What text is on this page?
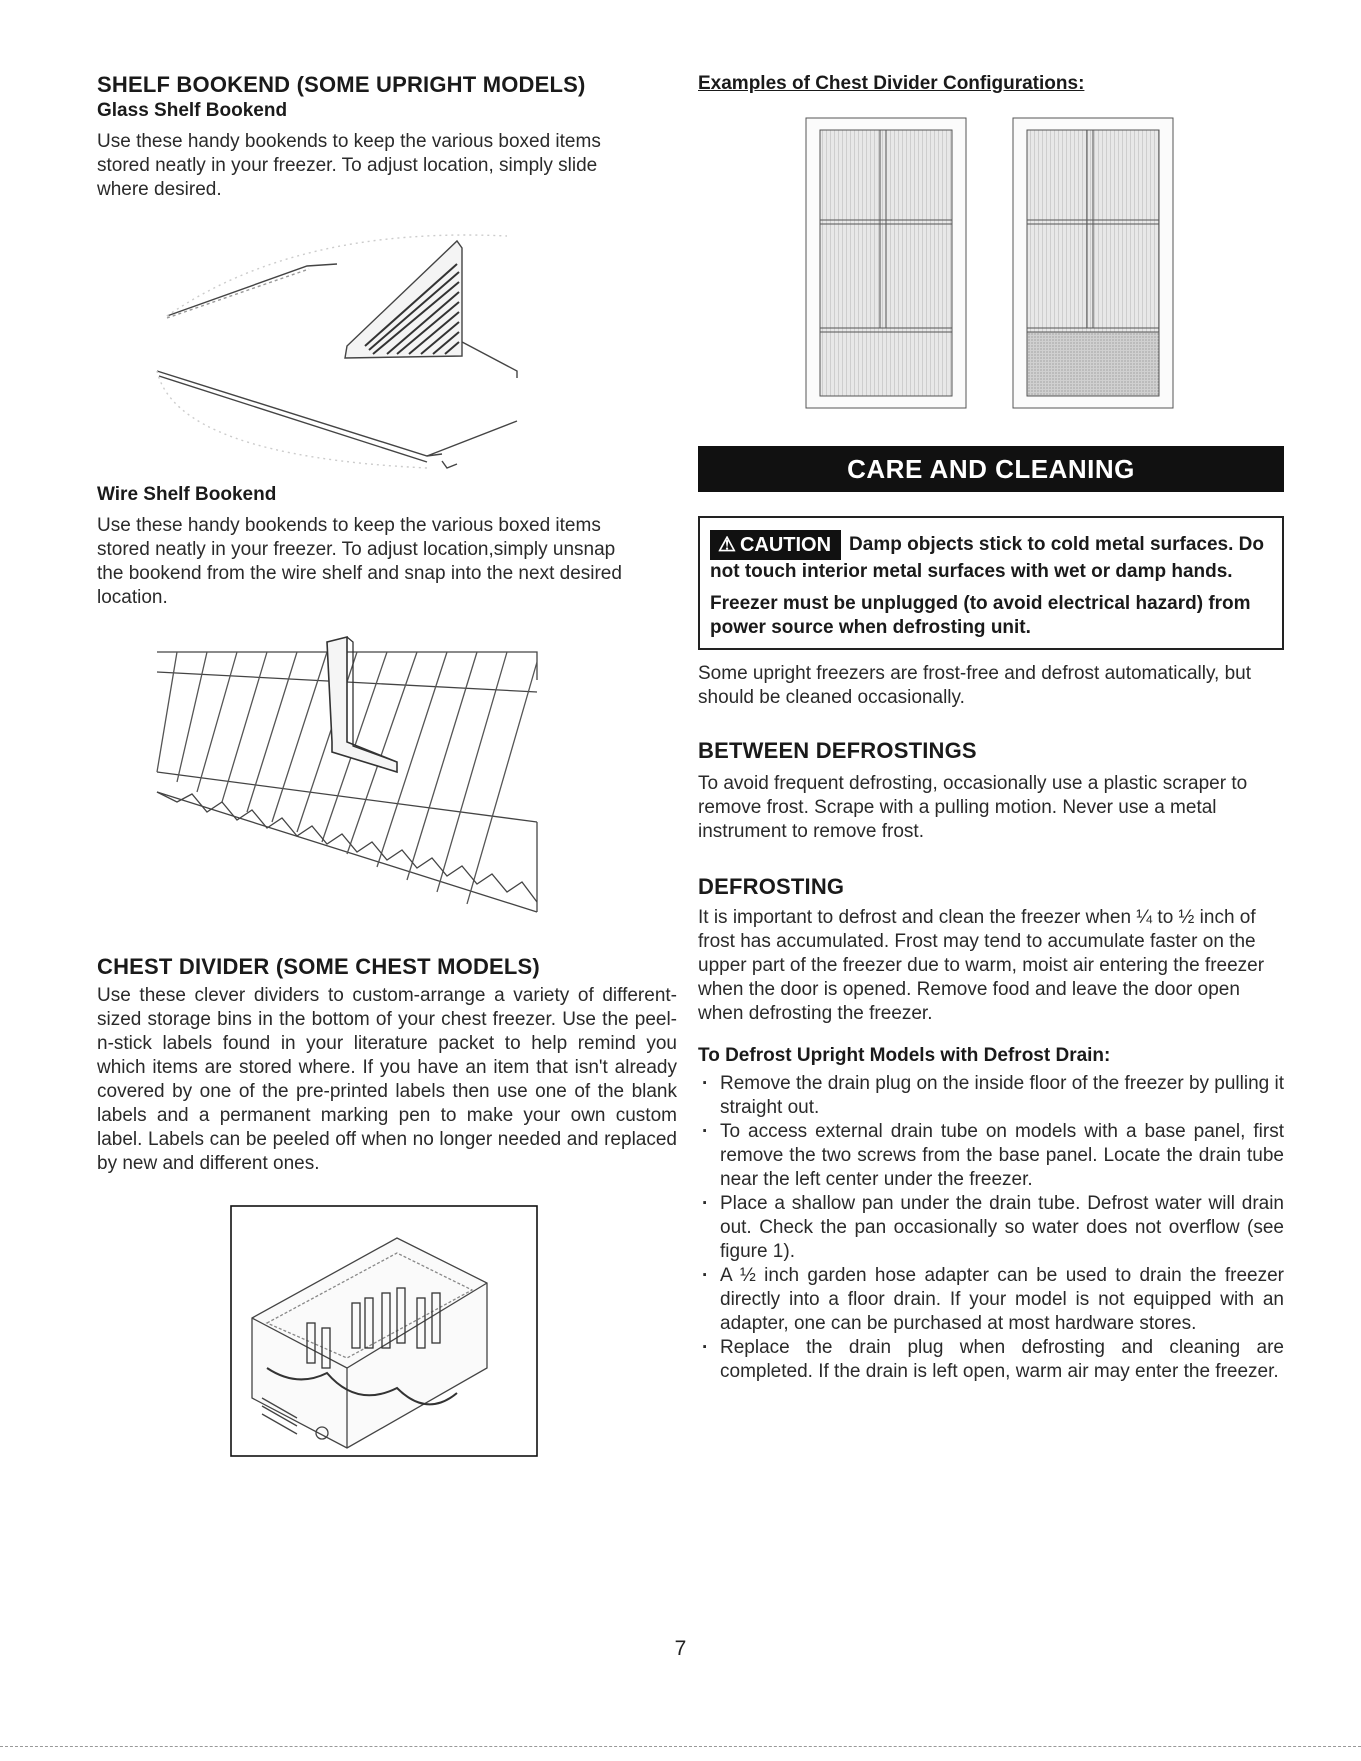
SHELF BOOKEND (SOME UPRIGHT MODELS)
Glass Shelf Bookend

Use these handy bookends to keep the various boxed items stored neatly in your freezer. To adjust location, simply slide where desired.

Wire Shelf Bookend

Use these handy bookends to keep the various boxed items stored neatly in your freezer. To adjust location,simply unsnap the bookend from the wire shelf and snap into the next desired location.

CHEST DIVIDER (SOME CHEST MODELS)

Use these clever dividers to custom-arrange a variety of different-sized storage bins in the bottom of your chest freezer. Use the peel-n-stick labels found in your literature packet to help remind you which items are stored where. If you have an item that isn't already covered by one of the pre-printed labels then use one of the blank labels and a permanent marking pen to make your own custom label. Labels can be peeled off when no longer needed and replaced by new and different ones.

Examples of Chest Divider Configurations:
CARE AND CLEANING
⚠ CAUTION Damp objects stick to cold metal surfaces. Do not touch interior metal surfaces with wet or damp hands.
Freezer must be unplugged (to avoid electrical hazard) from power source when defrosting unit.

Some upright freezers are frost-free and defrost automatically, but should be cleaned occasionally.

BETWEEN DEFROSTINGS

To avoid frequent defrosting, occasionally use a plastic scraper to remove frost. Scrape with a pulling motion. Never use a metal instrument to remove frost.

DEFROSTING

It is important to defrost and clean the freezer when ¼ to ½ inch of frost has accumulated. Frost may tend to accumulate faster on the upper part of the freezer due to warm, moist air entering the freezer when the door is opened. Remove food and leave the door open when defrosting the freezer.

To Defrost Upright Models with Defrost Drain:
· Remove the drain plug on the inside floor of the freezer by pulling it straight out.
· To access external drain tube on models with a base panel, first remove the two screws from the base panel. Locate the drain tube near the left center under the freezer.
· Place a shallow pan under the drain tube. Defrost water will drain out. Check the pan occasionally so water does not overflow (see figure 1).
· A ½ inch garden hose adapter can be used to drain the freezer directly into a floor drain. If your model is not equipped with an adapter, one can be purchased at most hardware stores.
· Replace the drain plug when defrosting and cleaning are completed. If the drain is left open, warm air may enter the freezer.
7
